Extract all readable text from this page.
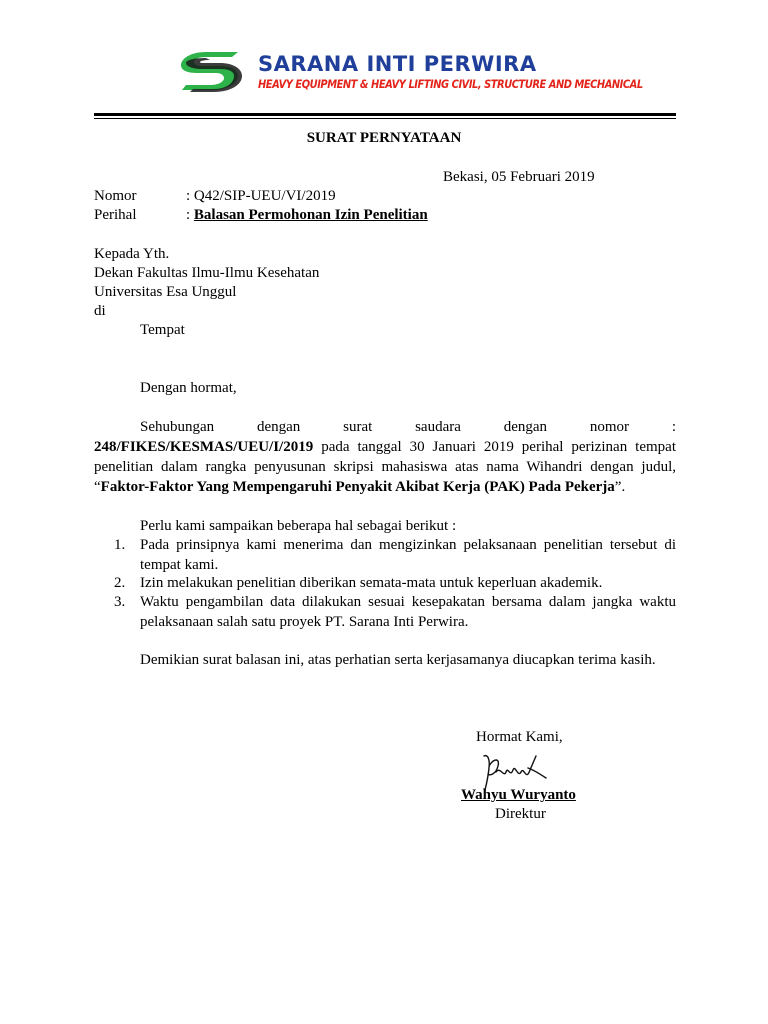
SARANA INTI PERWIRA
HEAVY EQUIPMENT & HEAVY LIFTING CIVIL, STRUCTURE AND MECHANICAL
SURAT PERNYATAAN
Bekasi, 05 Februari 2019
Nomor	: Q42/SIP-UEU/VI/2019
Perihal	: Balasan Permohonan Izin Penelitian
Kepada Yth.
Dekan Fakultas Ilmu-Ilmu Kesehatan
Universitas Esa Unggul
di
Tempat
Dengan hormat,
Sehubungan dengan surat saudara dengan nomor :
248/FIKES/KESMAS/UEU/I/2019 pada tanggal 30 Januari 2019 perihal perizinan tempat
penelitian dalam rangka penyusunan skripsi mahasiswa atas nama Wihandri dengan judul,
“Faktor-Faktor Yang Mempengaruhi Penyakit Akibat Kerja (PAK) Pada Pekerja”.
Perlu kami sampaikan beberapa hal sebagai berikut :
1. Pada prinsipnya kami menerima dan mengizinkan pelaksanaan penelitian tersebut di tempat kami.
2. Izin melakukan penelitian diberikan semata-mata untuk keperluan akademik.
3. Waktu pengambilan data dilakukan sesuai kesepakatan bersama dalam jangka waktu pelaksanaan salah satu proyek PT. Sarana Inti Perwira.
Demikian surat balasan ini, atas perhatian serta kerjasamanya diucapkan terima kasih.
Hormat Kami,
Wahyu Wuryanto
Direktur
